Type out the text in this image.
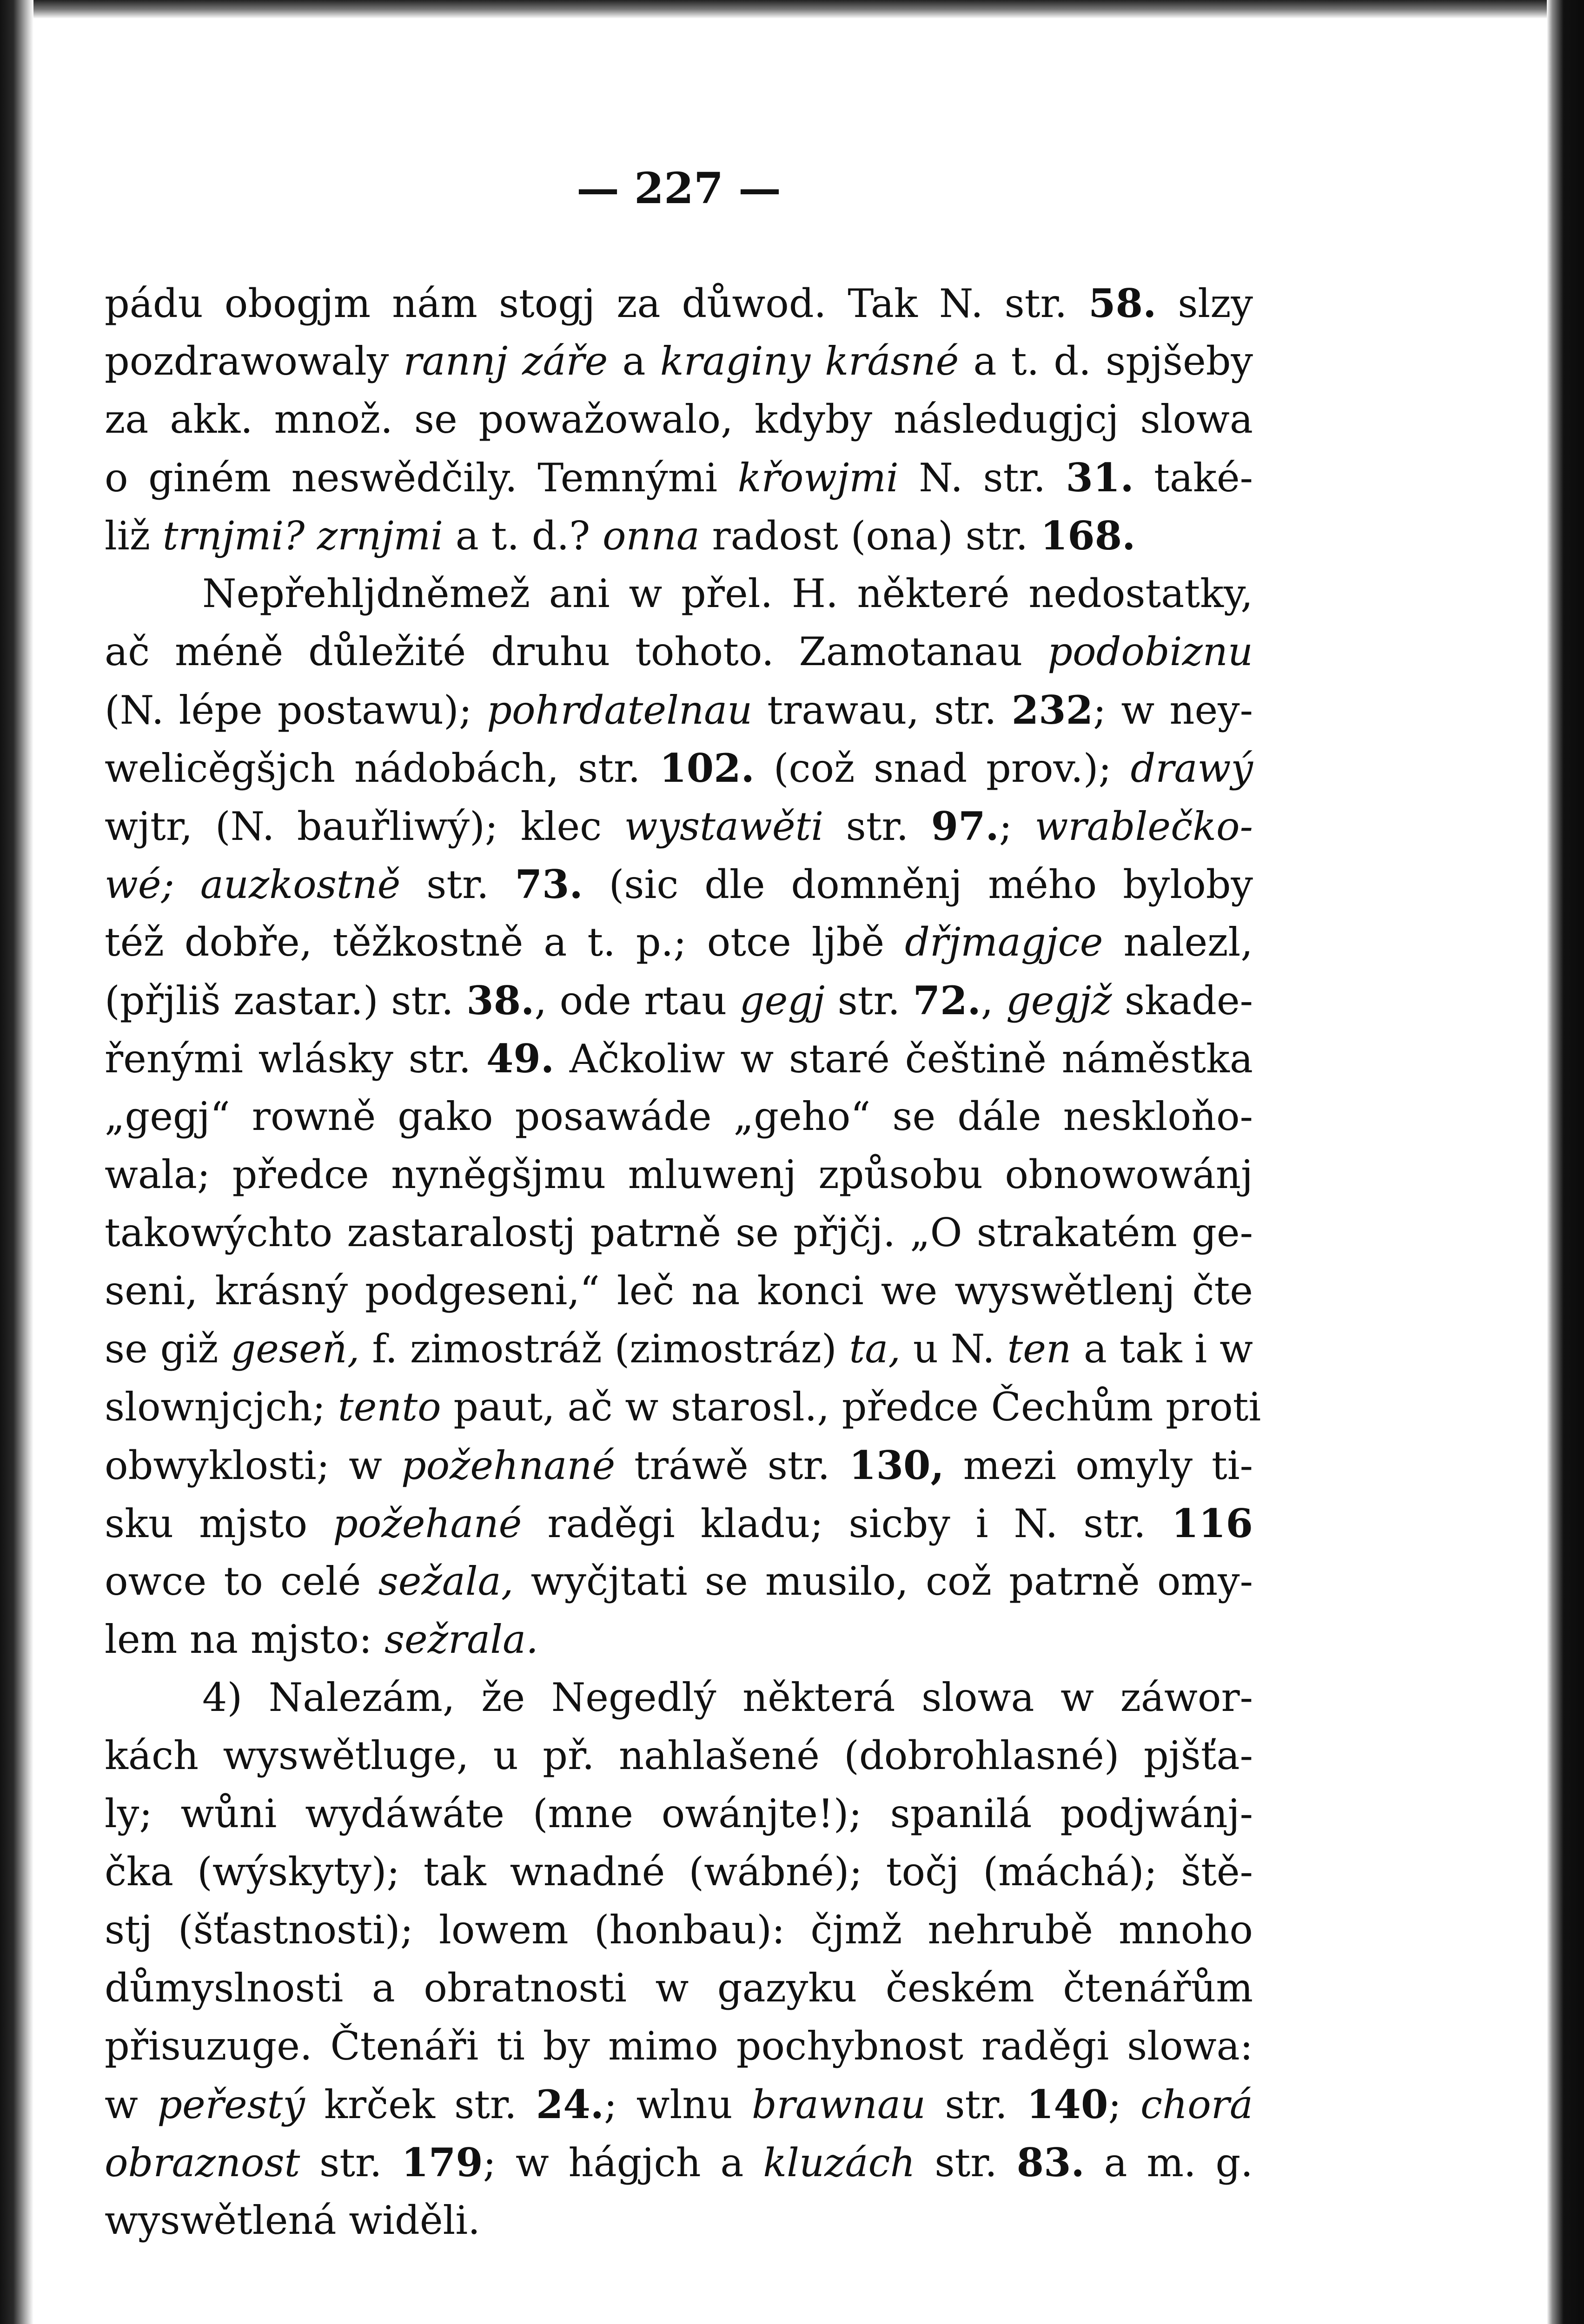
— 227 —
pádu obogjm nám stogj za důwod. Tak N. str. 58. slzy
pozdrawowaly rannj záře a kraginy krásné a t. d. spjšeby
za akk. množ. se powažowalo, kdyby následugjcj slowa
o giném neswědčily. Temnými křowjmi N. str. 31. také-
liž trnjmi? zrnjmi a t. d.? onna radost (ona) str. 168.
Nepřehljdněmež ani w přel. H. některé nedostatky,
ač méně důležité druhu tohoto. Zamotanau podobiznu
(N. lépe postawu); pohrdatelnau trawau, str. 232; w ney-
welicěgšjch nádobách, str. 102. (což snad prov.); drawý
wjtr, (N. bauřliwý); klec wystawěti str. 97.; wrablečko-
wé; auzkostně str. 73. (sic dle domněnj mého byloby
též dobře, těžkostně a t. p.; otce ljbě dřjmagjce nalezl,
(přjliš zastar.) str. 38., ode rtau gegj str. 72., gegjž skade-
řenými wlásky str. 49. Ačkoliw w staré češtině náměstka
„gegj“ rowně gako posawáde „geho“ se dále neskloňo-
wala; předce nyněgšjmu mluwenj způsobu obnowowánj
takowýchto zastaralostj patrně se přjčj. „O strakatém ge-
seni, krásný podgeseni,“ leč na konci we wyswětlenj čte
se giž geseň, f. zimostráž (zimostráz) ta, u N. ten a tak i w
slownjcjch; tento paut, ač w starosl., předce Čechům proti
obwyklosti; w požehnané tráwě str. 130, mezi omyly ti-
sku mjsto požehané raděgi kladu; sicby i N. str. 116
owce to celé sežala, wyčjtati se musilo, což patrně omy-
lem na mjsto: sežrala.
4) Nalezám, že Negedlý některá slowa w záwor-
kách wyswětluge, u př. nahlašené (dobrohlasné) pjšťa-
ly; wůni wydáwáte (mne owánjte!); spanilá podjwánj-
čka (wýskyty); tak wnadné (wábné); točj (máchá); ště-
stj (šťastnosti); lowem (honbau): čjmž nehrubě mnoho
důmyslnosti a obratnosti w gazyku českém čtenářům
přisuzuge. Čtenáři ti by mimo pochybnost raděgi slowa:
w peřestý krček str. 24.; wlnu brawnau str. 140; chorá
obraznost str. 179; w hágjch a kluzách str. 83. a m. g.
wyswětlená widěli.
